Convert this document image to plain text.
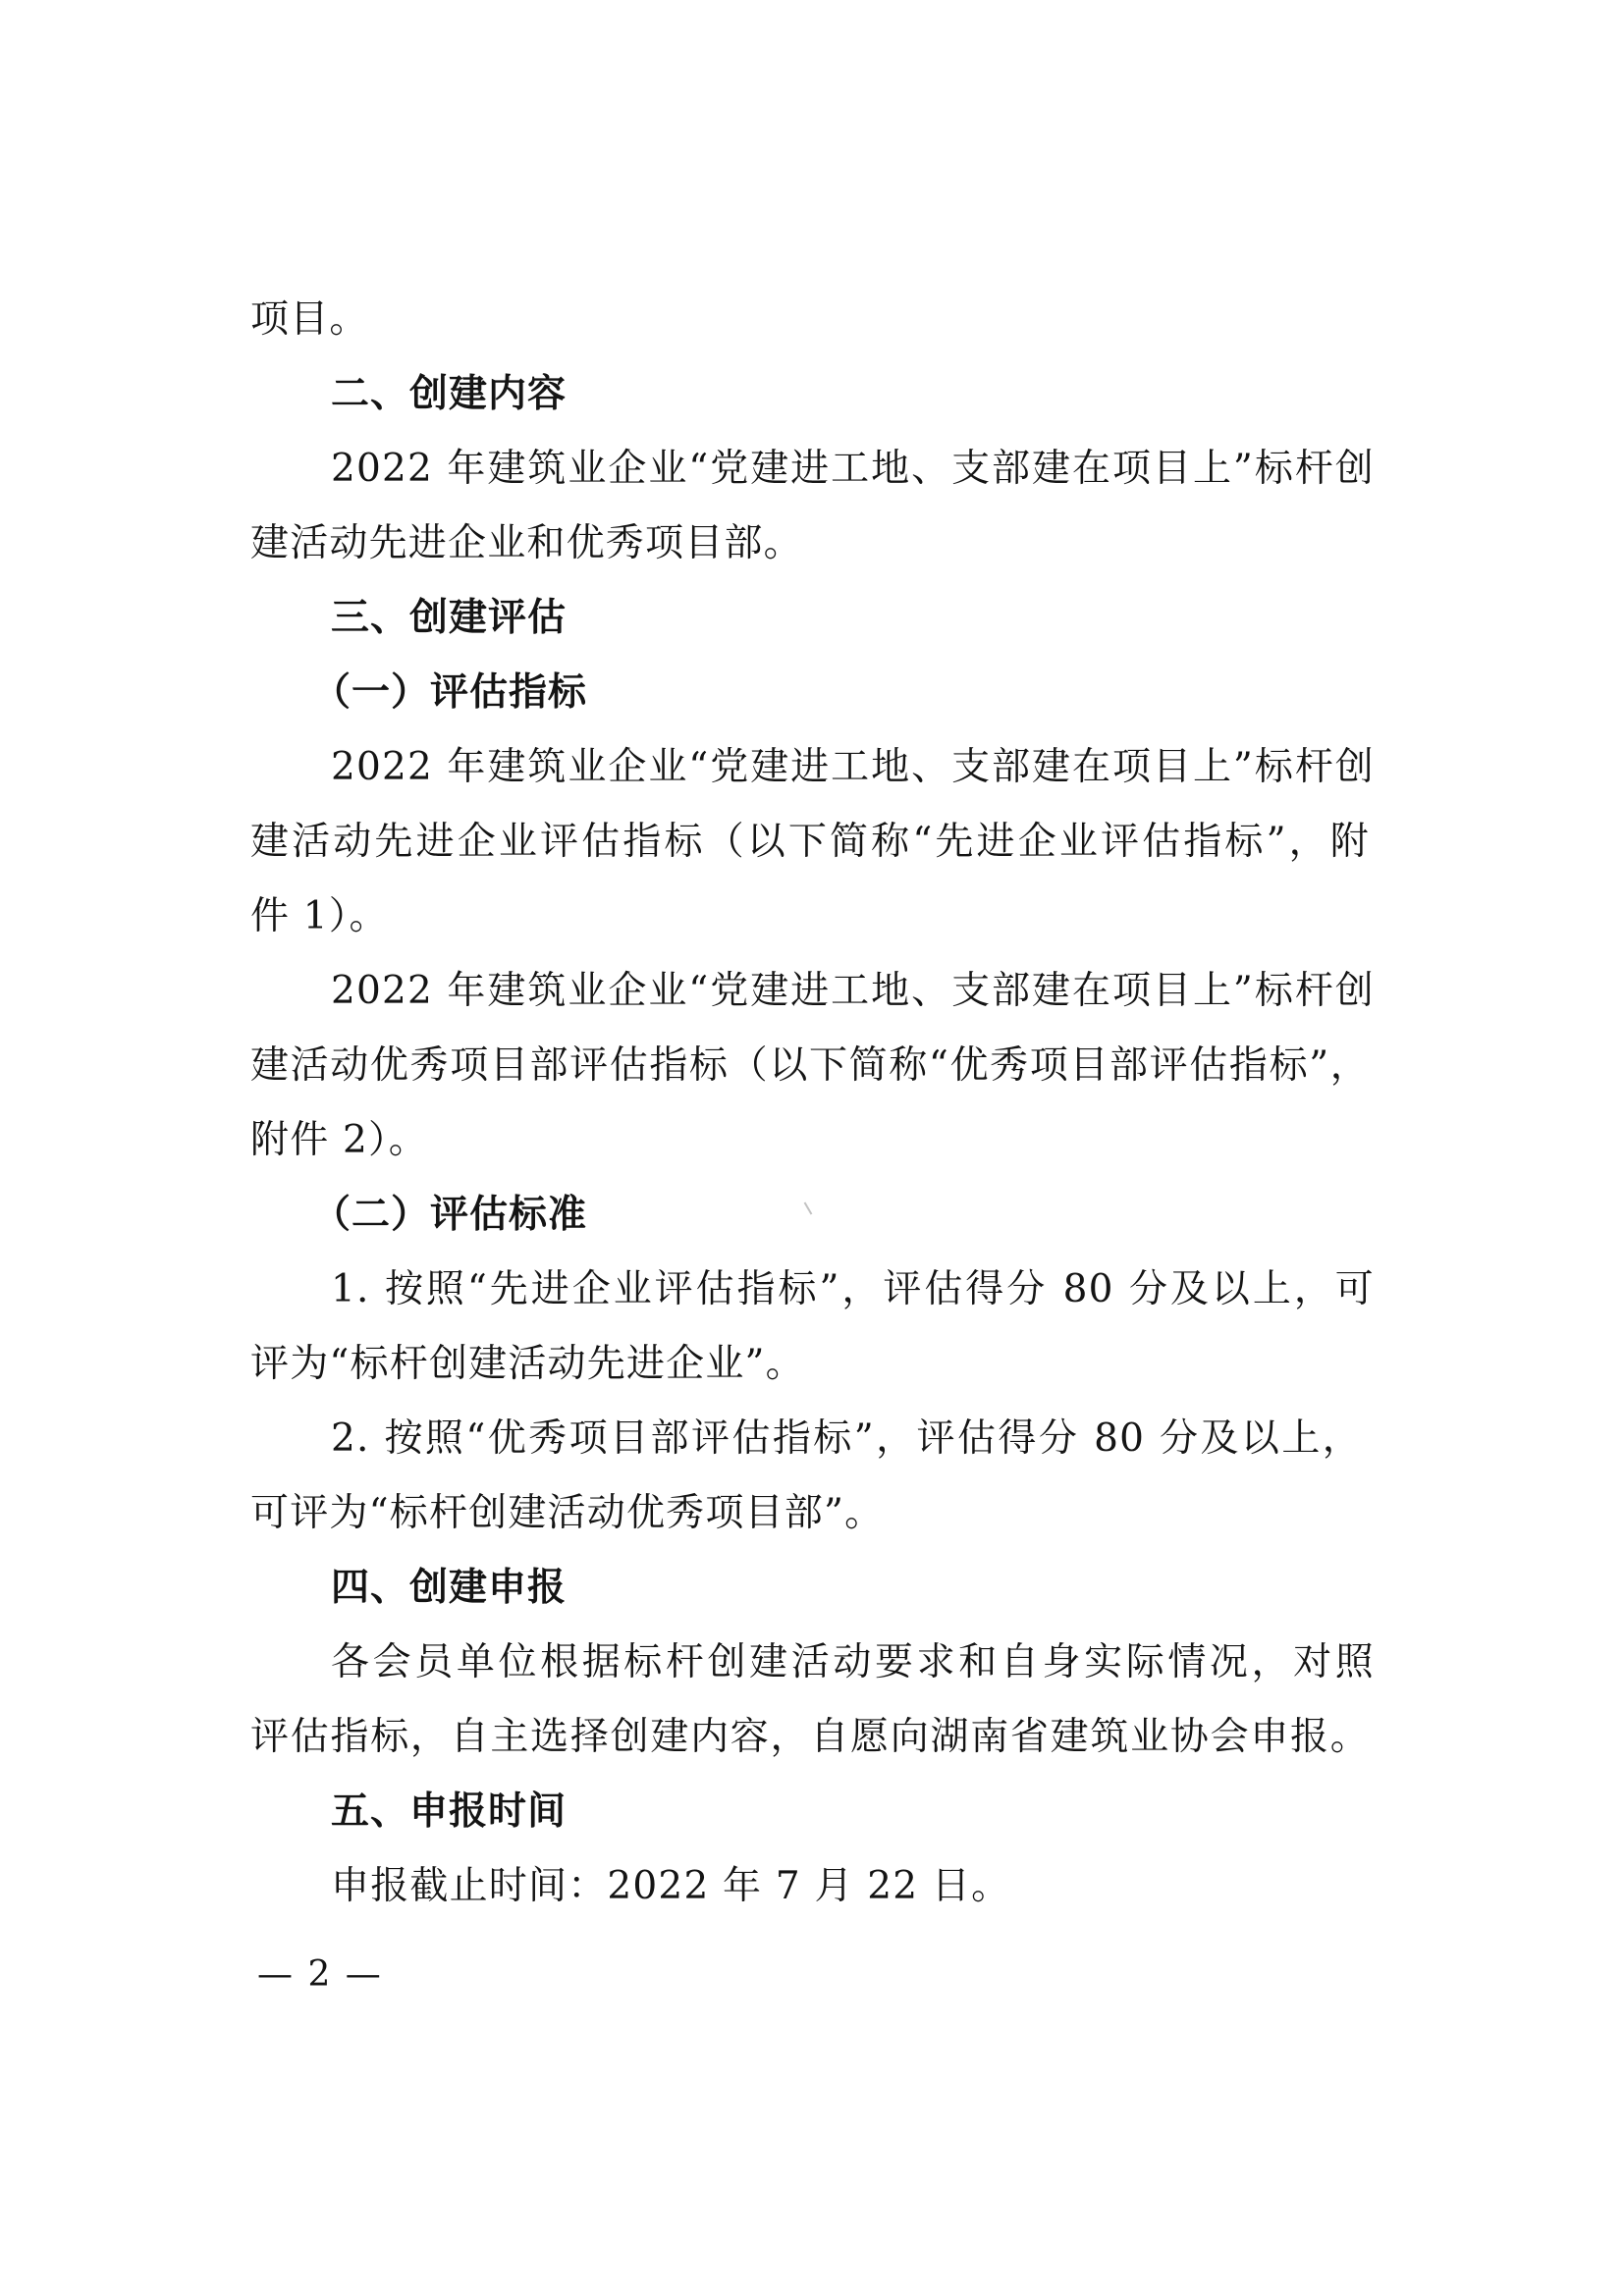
项目。
二、创建内容
2022 年建筑业企业“党建进工地、支部建在项目上”标杆创
建活动先进企业和优秀项目部。
三、创建评估
（一）评估指标
2022 年建筑业企业“党建进工地、支部建在项目上”标杆创
建活动先进企业评估指标（以下简称“先进企业评估指标”，附
件 1）。
2022 年建筑业企业“党建进工地、支部建在项目上”标杆创
建活动优秀项目部评估指标（以下简称“优秀项目部评估指标”，
附件 2）。
（二）评估标准
1. 按照“先进企业评估指标”，评估得分 80 分及以上，可
评为“标杆创建活动先进企业”。
2. 按照“优秀项目部评估指标”，评估得分 80 分及以上，
可评为“标杆创建活动优秀项目部”。
四、创建申报
各会员单位根据标杆创建活动要求和自身实际情况，对照
评估指标，自主选择创建内容，自愿向湖南省建筑业协会申报。
五、申报时间
申报截止时间：2022 年 7 月 22 日。
— 2 —
